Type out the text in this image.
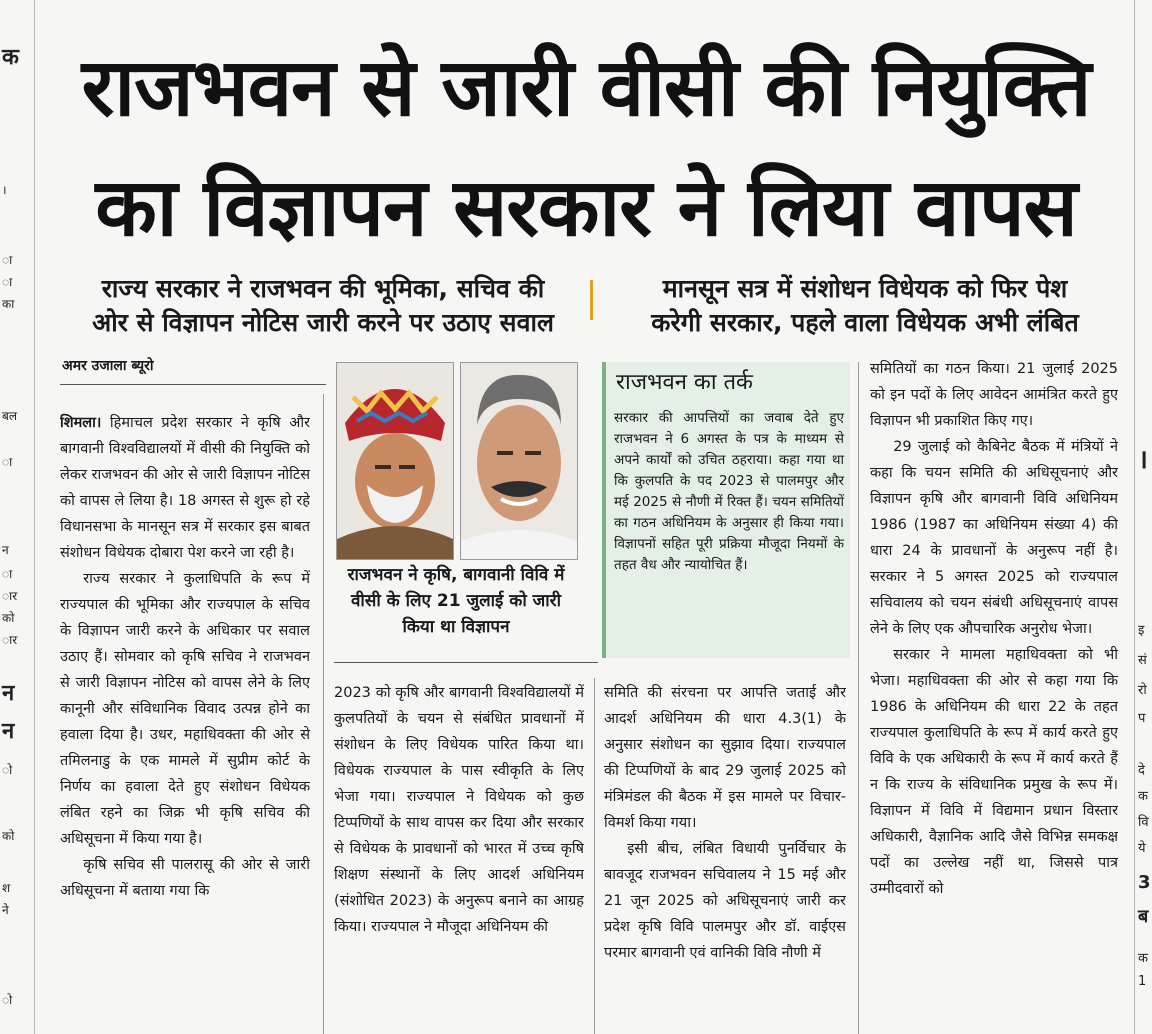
क
।
ा
ा
का
बल
ा
न
ा
ार
को
ार
न
न
ो
को
श
ने
ो
।
इ
सं
रो
प
दे
क
वि
ये
3
ब
क
1
राजभवन से जारी वीसी की नियुक्ति
का विज्ञापन सरकार ने लिया वापस
राज्य सरकार ने राजभवन की भूमिका, सचिव की
ओर से विज्ञापन नोटिस जारी करने पर उठाए सवाल
मानसून सत्र में संशोधन विधेयक को फिर पेश
करेगी सरकार, पहले वाला विधेयक अभी लंबित
अमर उजाला ब्यूरो

शिमला। हिमाचल प्रदेश सरकार ने कृषि और बागवानी विश्वविद्यालयों में वीसी की नियुक्ति को लेकर राजभवन की ओर से जारी विज्ञापन नोटिस को वापस ले लिया है। 18 अगस्त से शुरू हो रहे विधानसभा के मानसून सत्र में सरकार इस बाबत संशोधन विधेयक दोबारा पेश करने जा रही है।

राज्य सरकार ने कुलाधिपति के रूप में राज्यपाल की भूमिका और राज्यपाल के सचिव के विज्ञापन जारी करने के अधिकार पर सवाल उठाए हैं। सोमवार को कृषि सचिव ने राजभवन से जारी विज्ञापन नोटिस को वापस लेने के लिए कानूनी और संविधानिक विवाद उत्पन्न होने का हवाला दिया है। उधर, महाधिवक्ता की ओर से तमिलनाडु के एक मामले में सुप्रीम कोर्ट के निर्णय का हवाला देते हुए संशोधन विधेयक लंबित रहने का जिक्र भी कृषि सचिव की अधिसूचना में किया गया है।

कृषि सचिव सी पालरासू की ओर से जारी अधिसूचना में बताया गया कि

राजभवन ने कृषि, बागवानी विवि में वीसी के लिए 21 जुलाई को जारी किया था विज्ञापन

2023 को कृषि और बागवानी विश्वविद्यालयों में कुलपतियों के चयन से संबंधित प्रावधानों में संशोधन के लिए विधेयक पारित किया था। विधेयक राज्यपाल के पास स्वीकृति के लिए भेजा गया। राज्यपाल ने विधेयक को कुछ टिप्पणियों के साथ वापस कर दिया और सरकार से विधेयक के प्रावधानों को भारत में उच्च कृषि शिक्षण संस्थानों के लिए आदर्श अधिनियम (संशोधित 2023) के अनुरूप बनाने का आग्रह किया। राज्यपाल ने मौजूदा अधिनियम की

राजभवन का तर्क
सरकार की आपत्तियों का जवाब देते हुए राजभवन ने 6 अगस्त के पत्र के माध्यम से अपने कार्यों को उचित ठहराया। कहा गया था कि कुलपति के पद 2023 से पालमपुर और मई 2025 से नौणी में रिक्त हैं। चयन समितियों का गठन अधिनियम के अनुसार ही किया गया। विज्ञापनों सहित पूरी प्रक्रिया मौजूदा नियमों के तहत वैध और न्यायोचित हैं।

समिति की संरचना पर आपत्ति जताई और आदर्श अधिनियम की धारा 4.3(1) के अनुसार संशोधन का सुझाव दिया। राज्यपाल की टिप्पणियों के बाद 29 जुलाई 2025 को मंत्रिमंडल की बैठक में इस मामले पर विचार-विमर्श किया गया।

इसी बीच, लंबित विधायी पुनर्विचार के बावजूद राजभवन सचिवालय ने 15 मई और 21 जून 2025 को अधिसूचनाएं जारी कर प्रदेश कृषि विवि पालमपुर और डॉ. वाईएस परमार बागवानी एवं वानिकी विवि नौणी में

समितियों का गठन किया। 21 जुलाई 2025 को इन पदों के लिए आवेदन आमंत्रित करते हुए विज्ञापन भी प्रकाशित किए गए।

29 जुलाई को कैबिनेट बैठक में मंत्रियों ने कहा कि चयन समिति की अधिसूचनाएं और विज्ञापन कृषि और बागवानी विवि अधिनियम 1986 (1987 का अधिनियम संख्या 4) की धारा 24 के प्रावधानों के अनुरूप नहीं है। सरकार ने 5 अगस्त 2025 को राज्यपाल सचिवालय को चयन संबंधी अधिसूचनाएं वापस लेने के लिए एक औपचारिक अनुरोध भेजा।

सरकार ने मामला महाधिवक्ता को भी भेजा। महाधिवक्ता की ओर से कहा गया कि 1986 के अधिनियम की धारा 22 के तहत राज्यपाल कुलाधिपति के रूप में कार्य करते हुए विवि के एक अधिकारी के रूप में कार्य करते हैं न कि राज्य के संविधानिक प्रमुख के रूप में। विज्ञापन में विवि में विद्यमान प्रधान विस्तार अधिकारी, वैज्ञानिक आदि जैसे विभिन्न समकक्ष पदों का उल्लेख नहीं था, जिससे पात्र उम्मीदवारों को
